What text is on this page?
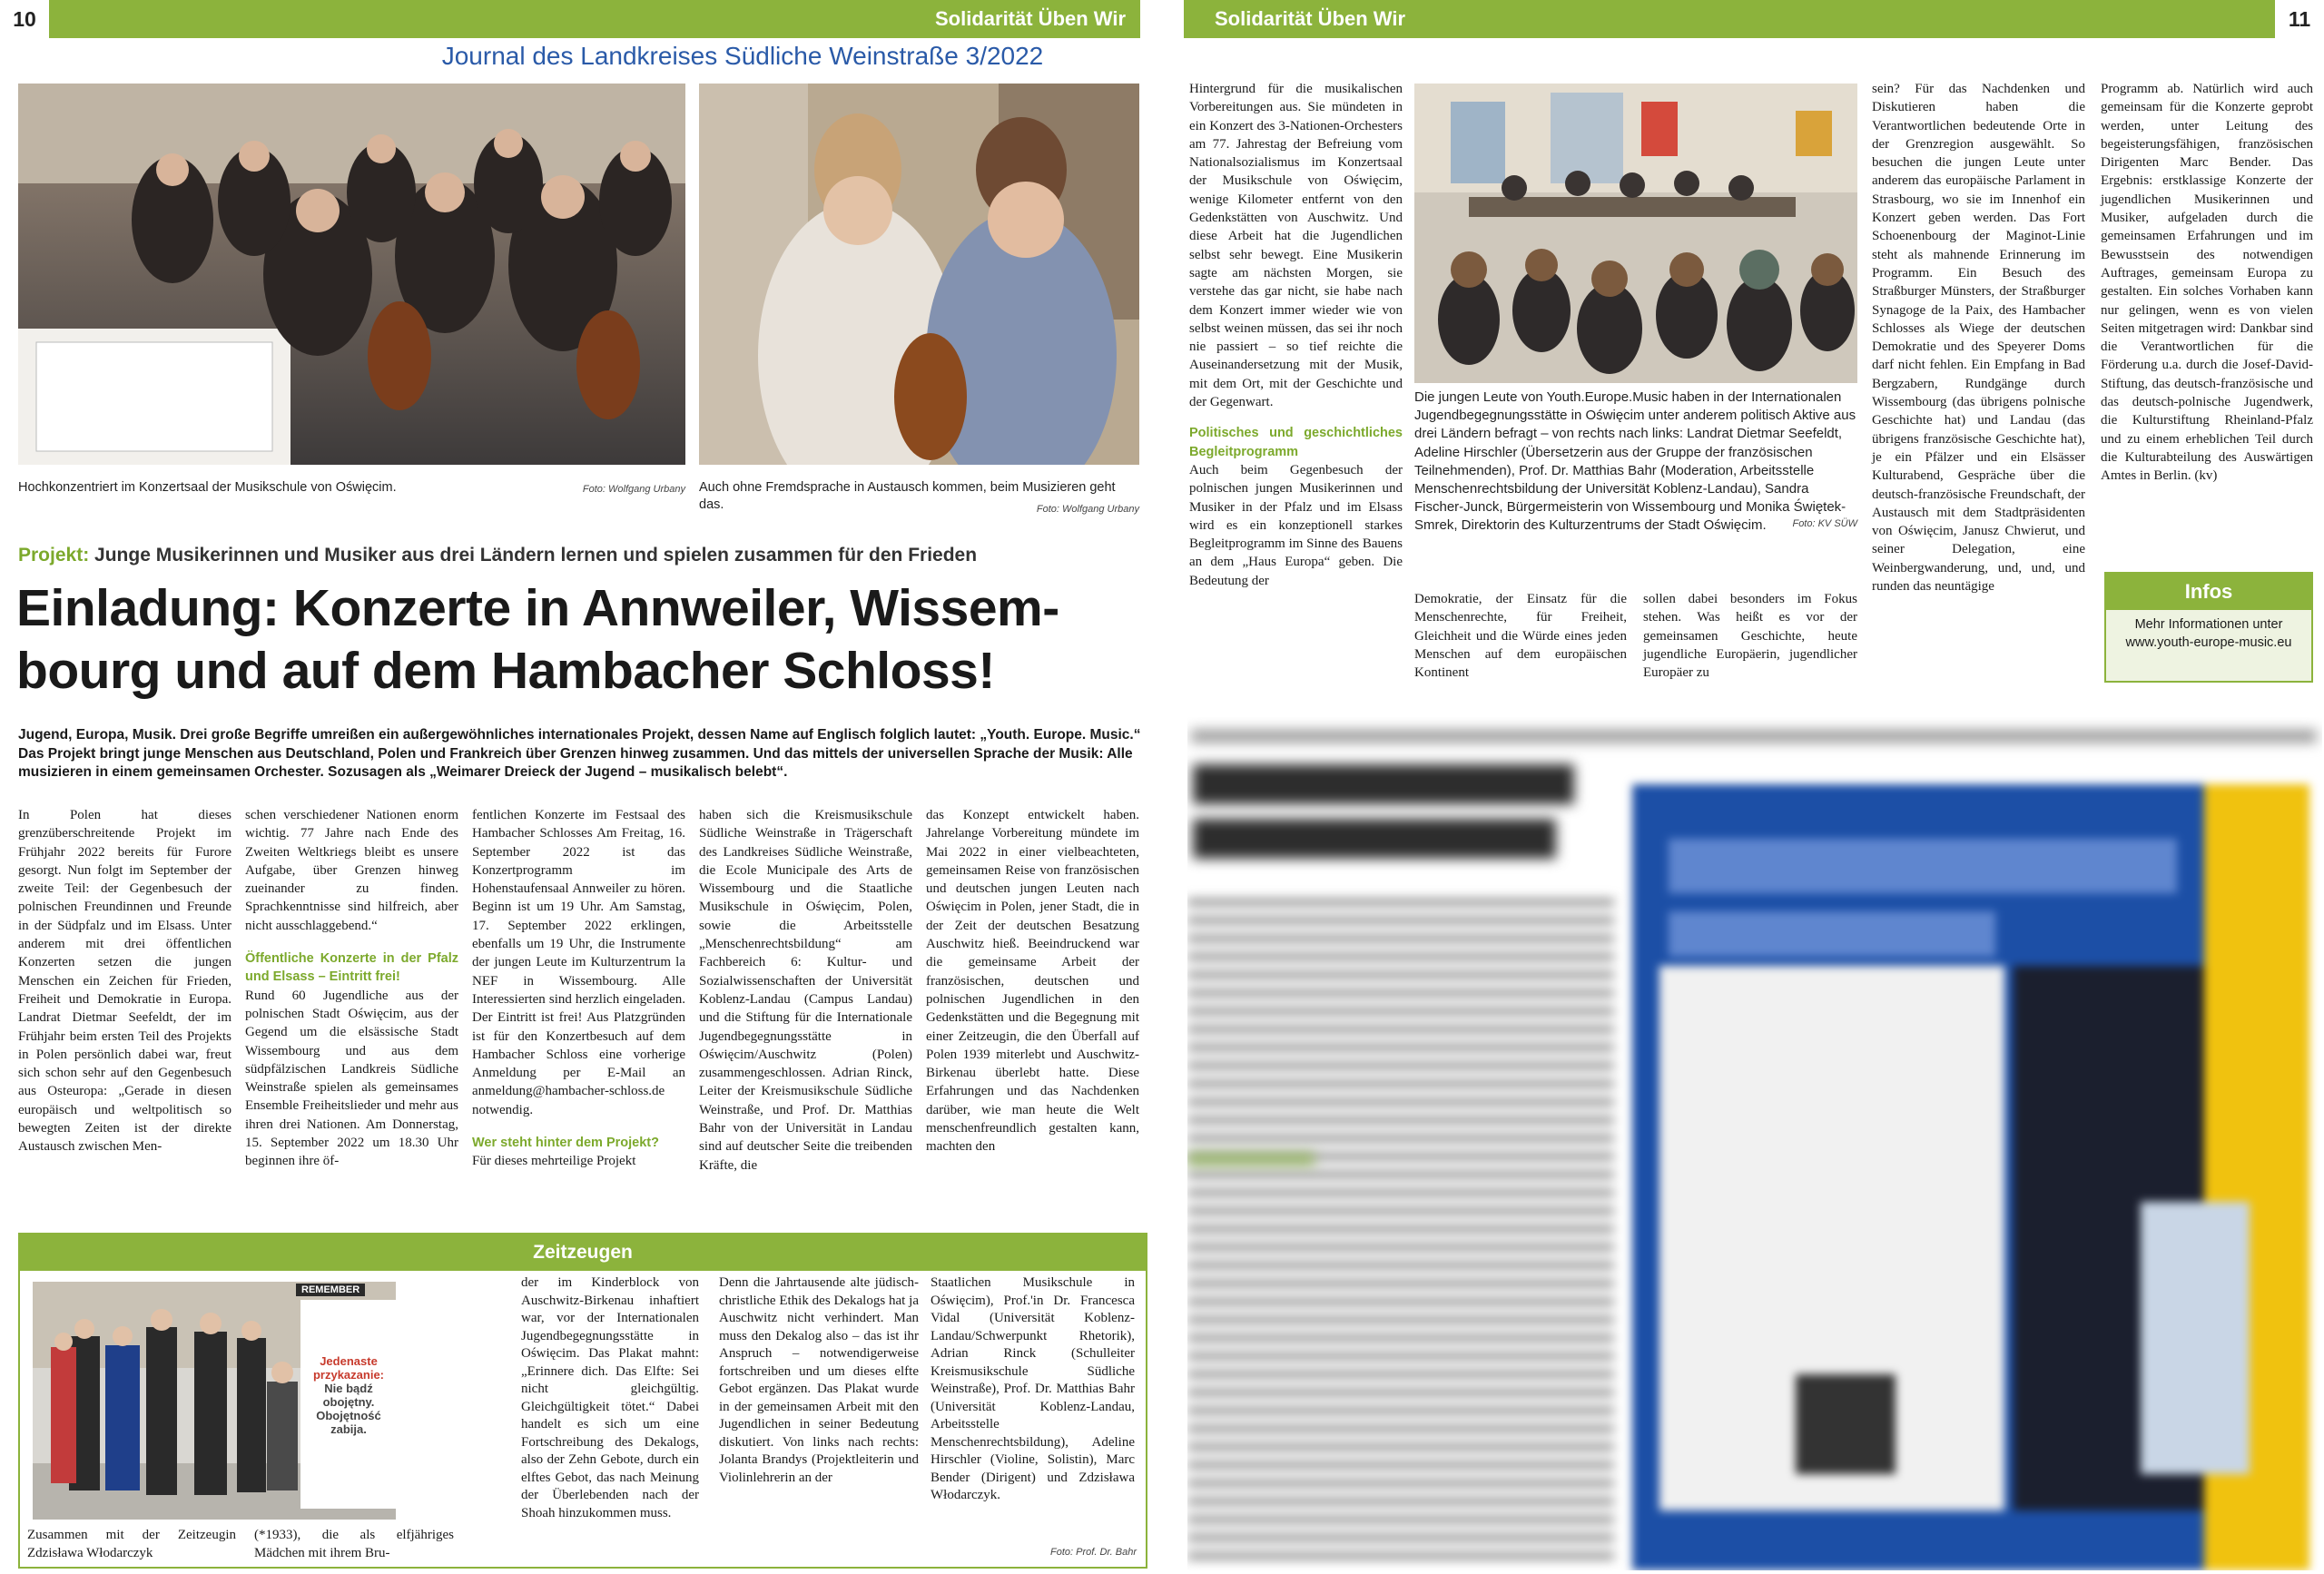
10	Solidarität Üben Wir	Solidarität Üben Wir	11
Journal des Landkreises Südliche Weinstraße 3/2022
Hochkonzentriert im Konzertsaal der Musikschule von Oświęcim.	Foto: Wolfgang Urbany Auch ohne Fremdsprache in Austausch kommen, beim Musizieren geht das.	Foto: Wolfgang Urbany
Projekt: Junge Musikerinnen und Musiker aus drei Ländern lernen und spielen zusammen für den Frieden
Einladung: Konzerte in Annweiler, Wissem-
bourg und auf dem Hambacher Schloss!
Jugend, Europa, Musik. Drei große Begriffe umreißen ein außergewöhnliches internationales Projekt, dessen Name auf Englisch folglich lautet: „Youth. Europe. Music.“ Das Projekt bringt junge Menschen aus Deutschland, Polen und Frankreich über Grenzen hinweg zusammen. Und das mittels der universellen Sprache der Musik: Alle musizieren in einem gemeinsamen Orchester. Sozusagen als „Weimarer Dreieck der Jugend – musikalisch belebt“.
In Polen hat dieses grenzüberschreitende Projekt im Frühjahr 2022 bereits für Furore gesorgt. Nun folgt im September der zweite Teil: der Gegenbesuch der polnischen Freundinnen und Freunde in der Südpfalz und im Elsass. Unter anderem mit drei öffentlichen Konzerten setzen die jungen Menschen ein Zeichen für Frieden, Freiheit und Demokratie in Europa. Landrat Dietmar Seefeldt, der im Frühjahr beim ersten Teil des Projekts in Polen persönlich dabei war, freut sich schon sehr auf den Gegenbesuch aus Osteuropa: „Gerade in diesen europäisch und weltpolitisch so bewegten Zeiten ist der direkte Austausch zwischen Men-

schen verschiedener Nationen enorm wichtig. 77 Jahre nach Ende des Zweiten Weltkriegs bleibt es unsere Aufgabe, über Grenzen hinweg zueinander zu finden. Sprachkenntnisse sind hilfreich, aber nicht ausschlaggebend.“

Öffentliche Konzerte in der Pfalz und Elsass – Eintritt frei!

Rund 60 Jugendliche aus der polnischen Stadt Oświęcim, aus der Gegend um die elsässische Stadt Wissembourg und aus dem südpfälzischen Landkreis Südliche Weinstraße spielen als gemeinsames Ensemble Freiheitslieder und mehr aus ihren drei Nationen. Am Donnerstag, 15. September 2022 um 18.30 Uhr beginnen ihre öf-

fentlichen Konzerte im Festsaal des Hambacher Schlosses Am Freitag, 16. September 2022 ist das Konzertprogramm im Hohenstaufensaal Annweiler zu hören. Beginn ist um 19 Uhr. Am Samstag, 17. September 2022 erklingen, ebenfalls um 19 Uhr, die Instrumente der jungen Leute im Kulturzentrum la NEF in Wissembourg. Alle Interessierten sind herzlich eingeladen. Der Eintritt ist frei! Aus Platzgründen ist für den Konzertbesuch auf dem Hambacher Schloss eine vorherige Anmeldung per E-Mail an anmeldung@hambacher-schloss.de notwendig.

Wer steht hinter dem Projekt?

Für dieses mehrteilige Projekt

haben sich die Kreismusikschule Südliche Weinstraße in Trägerschaft des Landkreises Südliche Weinstraße, die Ecole Municipale des Arts de Wissembourg und die Staatliche Musikschule in Oświęcim, Polen, sowie die Arbeitsstelle „Menschenrechtsbildung“ am Fachbereich 6: Kultur- und Sozialwissenschaften der Universität Koblenz-Landau (Campus Landau) und die Stiftung für die Internationale Jugendbegegnungsstätte in Oświęcim/Auschwitz (Polen) zusammengeschlossen. Adrian Rinck, Leiter der Kreismusikschule Südliche Weinstraße, und Prof. Dr. Matthias Bahr von der Universität in Landau sind auf deutscher Seite die treibenden Kräfte, die
das Konzept entwickelt haben. Jahrelange Vorbereitung mündete im Mai 2022 in einer vielbeachteten, gemeinsamen Reise von französischen und deutschen jungen Leuten nach Oświęcim in Polen, jener Stadt, die in der Zeit der deutschen Besatzung Auschwitz hieß. Beeindruckend war die gemeinsame Arbeit der französischen, deutschen und polnischen Jugendlichen in den Gedenkstätten und die Begegnung mit einer Zeitzeugin, die den Überfall auf Polen 1939 miterlebt und Auschwitz-Birkenau überlebt hatte. Diese Erfahrungen und das Nachdenken darüber, wie man heute die Welt menschenfreundlich gestalten kann, machten den
Zeitzeugen
REMEMBER
Jedenaste
przykazanie:
Nie bądź obojętny.
Obojętność zabija.
Zusammen mit der Zeitzeugin Zdzisława Włodarczyk
(*1933), die als elfjähriges Mädchen mit ihrem Bru-
der im Kinderblock von Auschwitz-Birkenau inhaftiert war, vor der Internationalen Jugendbegegnungsstätte in Oświęcim. Das Plakat mahnt: „Erinnere dich. Das Elfte: Sei nicht gleichgültig. Gleichgültigkeit tötet.“ Dabei handelt es sich um eine Fortschreibung des Dekalogs, also der Zehn Gebote, durch ein elftes Gebot, das nach Meinung der Überlebenden nach der Shoah hinzukommen muss.
Denn die Jahrtausende alte jüdisch-christliche Ethik des Dekalogs hat ja Auschwitz nicht verhindert. Man muss den Dekalog also – das ist ihr Anspruch – notwendigerweise fortschreiben und um dieses elfte Gebot ergänzen. Das Plakat wurde in der gemeinsamen Arbeit mit den Jugendlichen in seiner Bedeutung diskutiert. Von links nach rechts: Jolanta Brandys (Projektleiterin und Violinlehrerin an der
Staatlichen Musikschule in Oświęcim), Prof.'in Dr. Francesca Vidal (Universität Koblenz-Landau/Schwerpunkt Rhetorik), Adrian Rinck (Schulleiter Kreismusikschule Südliche Weinstraße), Prof. Dr. Matthias Bahr (Universität Koblenz-Landau, Arbeitsstelle Menschenrechtsbildung), Adeline Hirschler (Violine, Solistin), Marc Bender (Dirigent) und Zdzisława Włodarczyk.
Foto: Prof. Dr. Bahr

Hintergrund für die musikalischen Vorbereitungen aus. Sie mündeten in ein Konzert des 3-Nationen-Orchesters am 77. Jahrestag der Befreiung vom Nationalsozialismus im Konzertsaal der Musikschule von Oświęcim, wenige Kilometer entfernt von den Gedenkstätten von Auschwitz. Und diese Arbeit hat die Jugendlichen selbst sehr bewegt. Eine Musikerin sagte am nächsten Morgen, sie verstehe das gar nicht, sie habe nach dem Konzert immer wieder wie von selbst weinen müssen, das sei ihr noch nie passiert – so tief reichte die Auseinandersetzung mit der Musik, mit dem Ort, mit der Geschichte und der Gegenwart.

Politisches und geschichtliches Begleitprogramm

Auch beim Gegenbesuch der polnischen jungen Musikerinnen und Musiker in der Pfalz und im Elsass wird es ein konzeptionell starkes Begleitprogramm im Sinne des Bauens an dem „Haus Europa“ geben. Die Bedeutung der

Die jungen Leute von Youth.Europe.Music haben in der Internationalen Jugendbegegnungsstätte in Oświęcim unter anderem politisch Aktive aus drei Ländern befragt – von rechts nach links: Landrat Dietmar Seefeldt, Adeline Hirschler (Übersetzerin aus der Gruppe der französischen Teilnehmenden), Prof. Dr. Matthias Bahr (Moderation, Arbeitsstelle Menschenrechtsbildung der Universität Koblenz-Landau), Sandra Fischer-Junck, Bürgermeisterin von Wissembourg und Monika Świętek-Smrek, Direktorin des Kulturzentrums der Stadt Oświęcim.	Foto: KV SÜW
Demokratie, der Einsatz für die Menschenrechte, für Freiheit, Gleichheit und die Würde eines jeden Menschen auf dem europäischen Kontinent
sollen dabei besonders im Fokus stehen. Was heißt es vor der gemeinsamen Geschichte, heute jugendliche Europäerin, jugendlicher Europäer zu
sein? Für das Nachdenken und Diskutieren haben die Verantwortlichen bedeutende Orte in der Grenzregion ausgewählt. So besuchen die jungen Leute unter anderem das europäische Parlament in Strasbourg, wo sie im Innenhof ein Konzert geben werden. Das Fort Schoenenbourg der Maginot-Linie steht als mahnende Erinnerung im Programm. Ein Besuch des Straßburger Münsters, der Straßburger Synagoge de la Paix, des Hambacher Schlosses als Wiege der deutschen Demokratie und des Speyerer Doms darf nicht fehlen. Ein Empfang in Bad Bergzabern, Rundgänge durch Wissembourg (das übrigens polnische Geschichte hat) und Landau (das übrigens französische Geschichte hat), je ein Pfälzer und ein Elsässer Kulturabend, Gespräche über die deutsch-französische Freundschaft, der Austausch mit dem Stadtpräsidenten von Oświęcim, Janusz Chwierut, und seiner Delegation, eine Weinbergwanderung, und, und, und runden das neuntägige
Programm ab. Natürlich wird auch gemeinsam für die Konzerte geprobt werden, unter Leitung des begeisterungsfähigen, französischen Dirigenten Marc Bender. Das Ergebnis: erstklassige Konzerte der jugendlichen Musikerinnen und Musiker, aufgeladen durch die gemeinsamen Erfahrungen und im Bewusstsein des notwendigen Auftrages, gemeinsam Europa zu gestalten. Ein solches Vorhaben kann nur gelingen, wenn es von vielen Seiten mitgetragen wird: Dankbar sind die Verantwortlichen für die Förderung u.a. durch die Josef-David-Stiftung, das deutsch-französische und das deutsch-polnische Jugendwerk, die Kulturstiftung Rheinland-Pfalz und zu einem erheblichen Teil durch die Kulturabteilung des Auswärtigen Amtes in Berlin. (kv)
Infos
Mehr Informationen unter www.youth-europe-music.eu
